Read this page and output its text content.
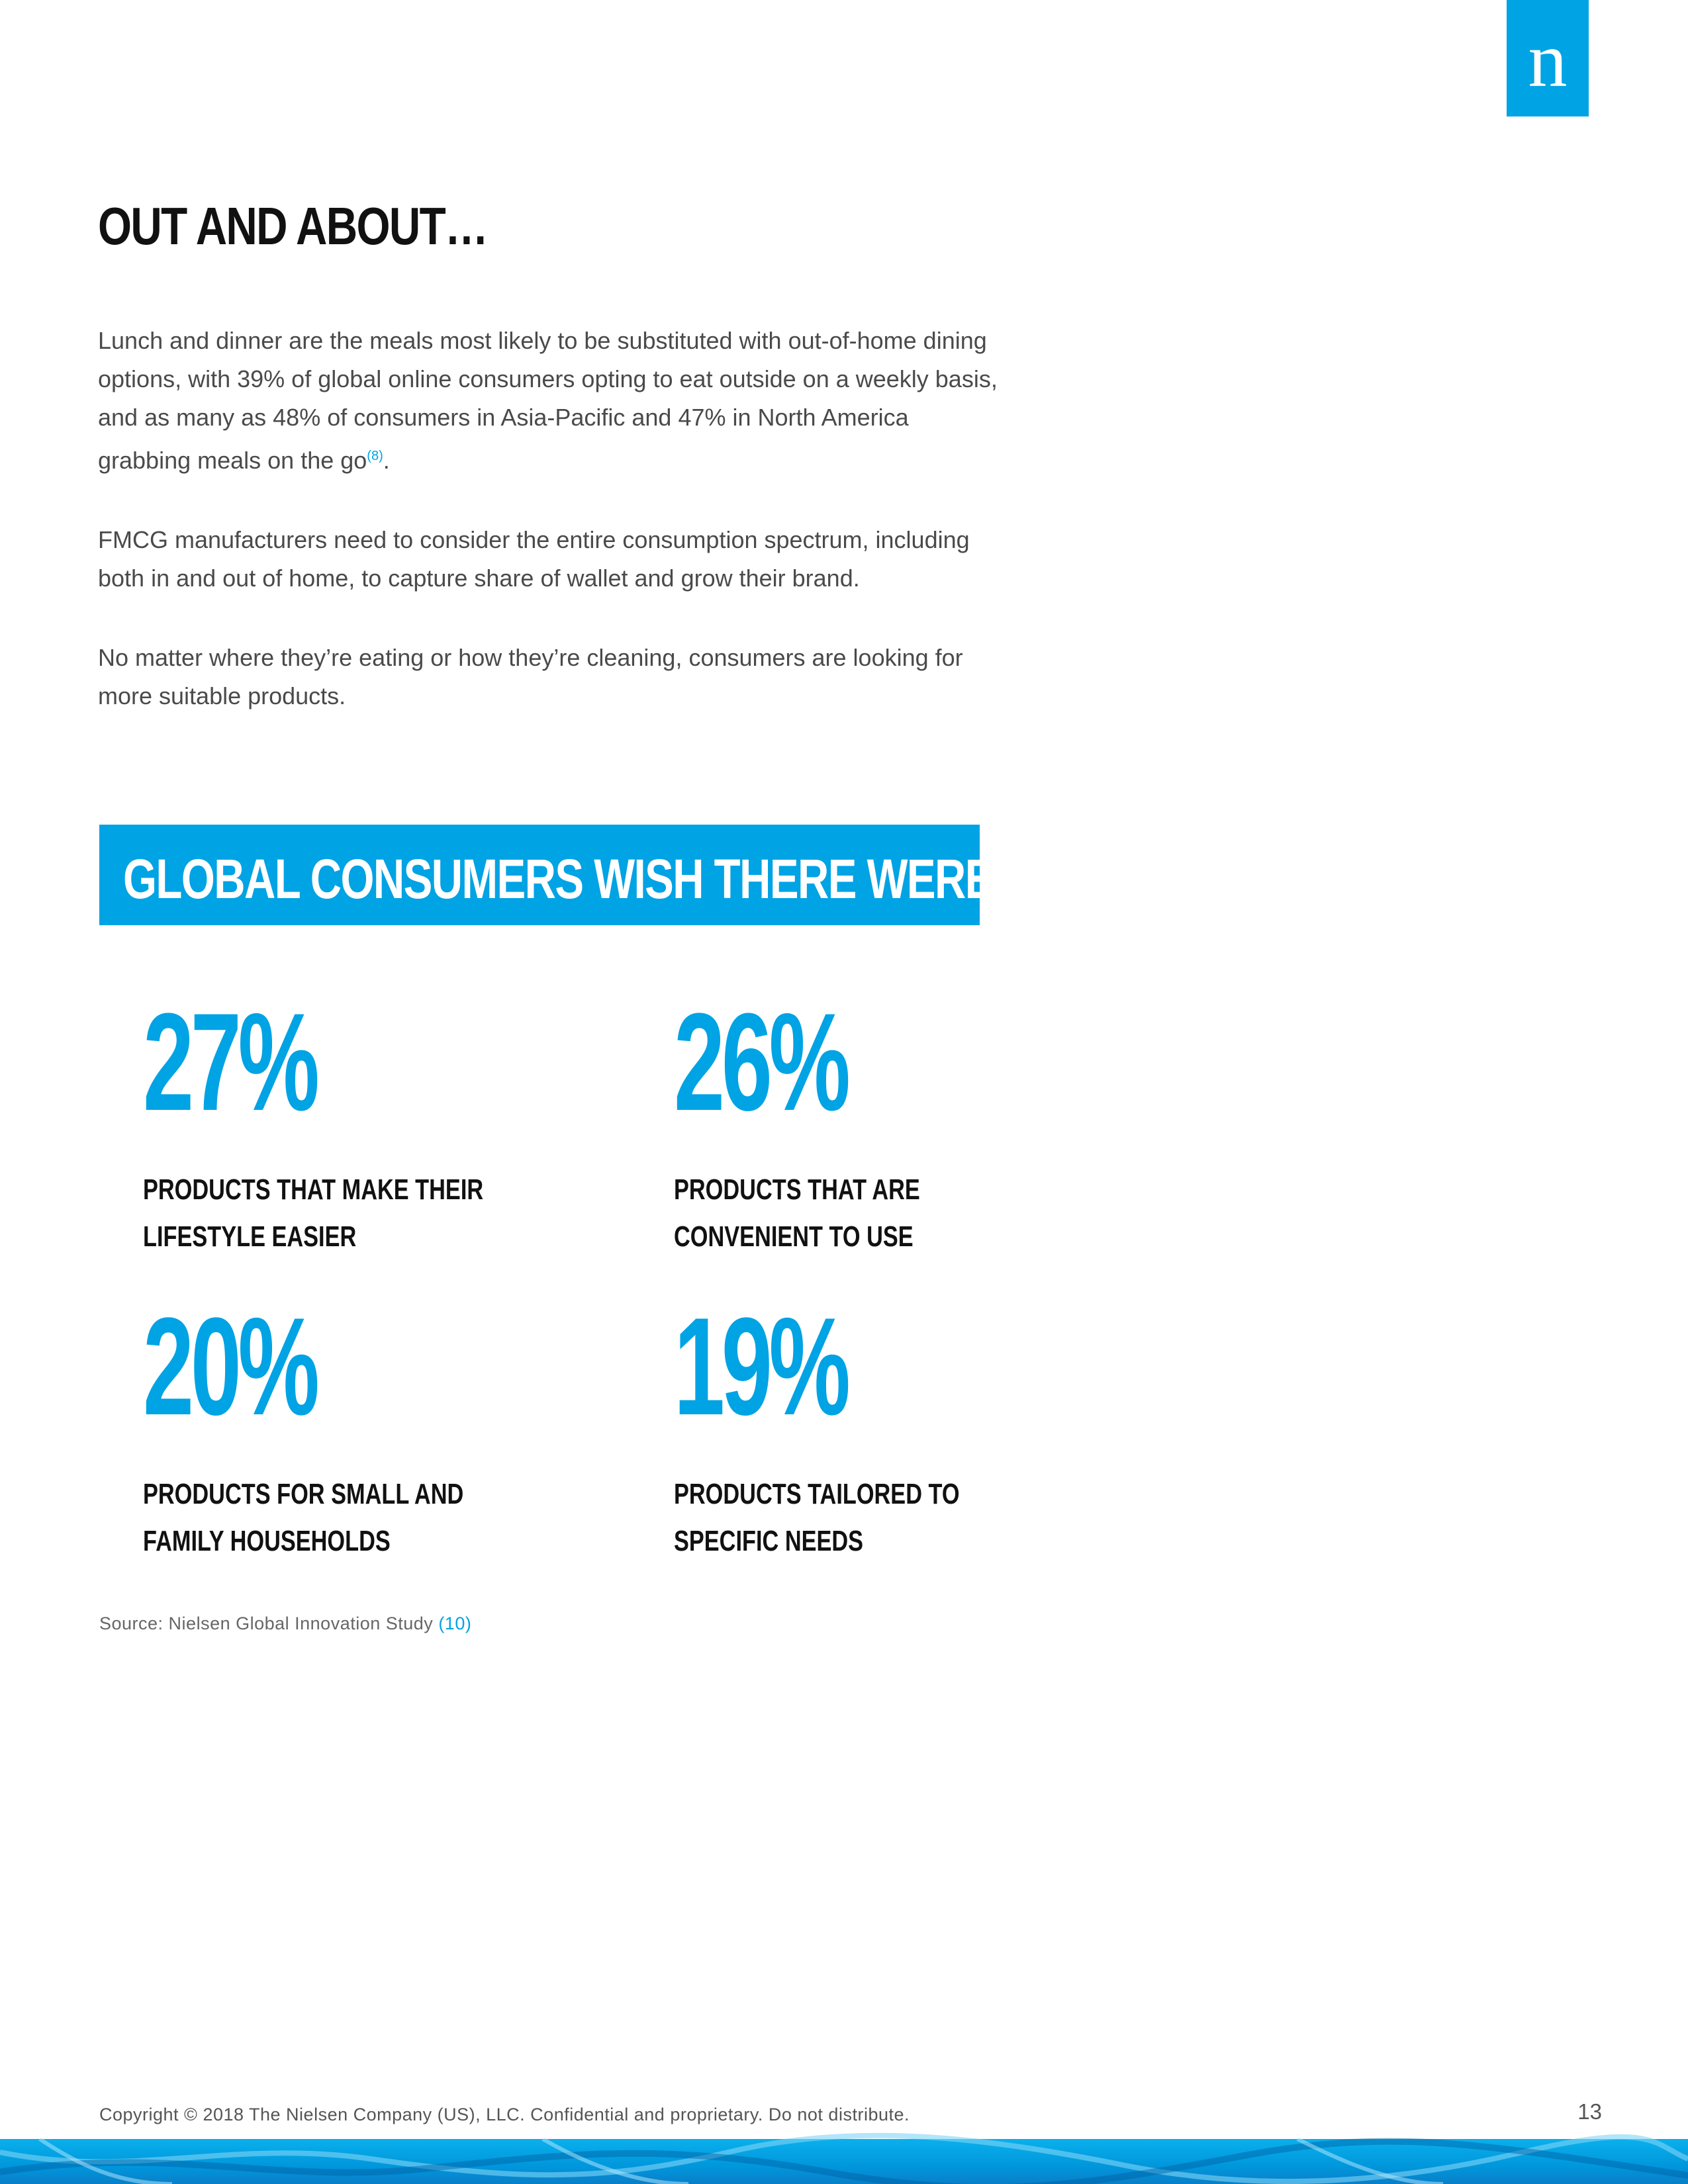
n
OUT AND ABOUT…

Lunch and dinner are the meals most likely to be substituted with out-of-home dining options, with 39% of global online consumers opting to eat outside on a weekly basis, and as many as 48% of consumers in Asia-Pacific and 47% in North America grabbing meals on the go$^{(8)}$.

FMCG manufacturers need to consider the entire consumption spectrum, including both in and out of home, to capture share of wallet and grow their brand.

No matter where they’re eating or how they’re cleaning, consumers are looking for more suitable products.

GLOBAL CONSUMERS WISH THERE WERE MORE:
27%
PRODUCTS THAT MAKE THEIR
LIFESTYLE EASIER
26%
PRODUCTS THAT ARE
CONVENIENT TO USE
20%
PRODUCTS FOR SMALL AND
FAMILY HOUSEHOLDS
19%
PRODUCTS TAILORED TO
SPECIFIC NEEDS
Source: Nielsen Global Innovation Study (10)
Copyright © 2018 The Nielsen Company (US), LLC. Confidential and proprietary. Do not distribute.	13
